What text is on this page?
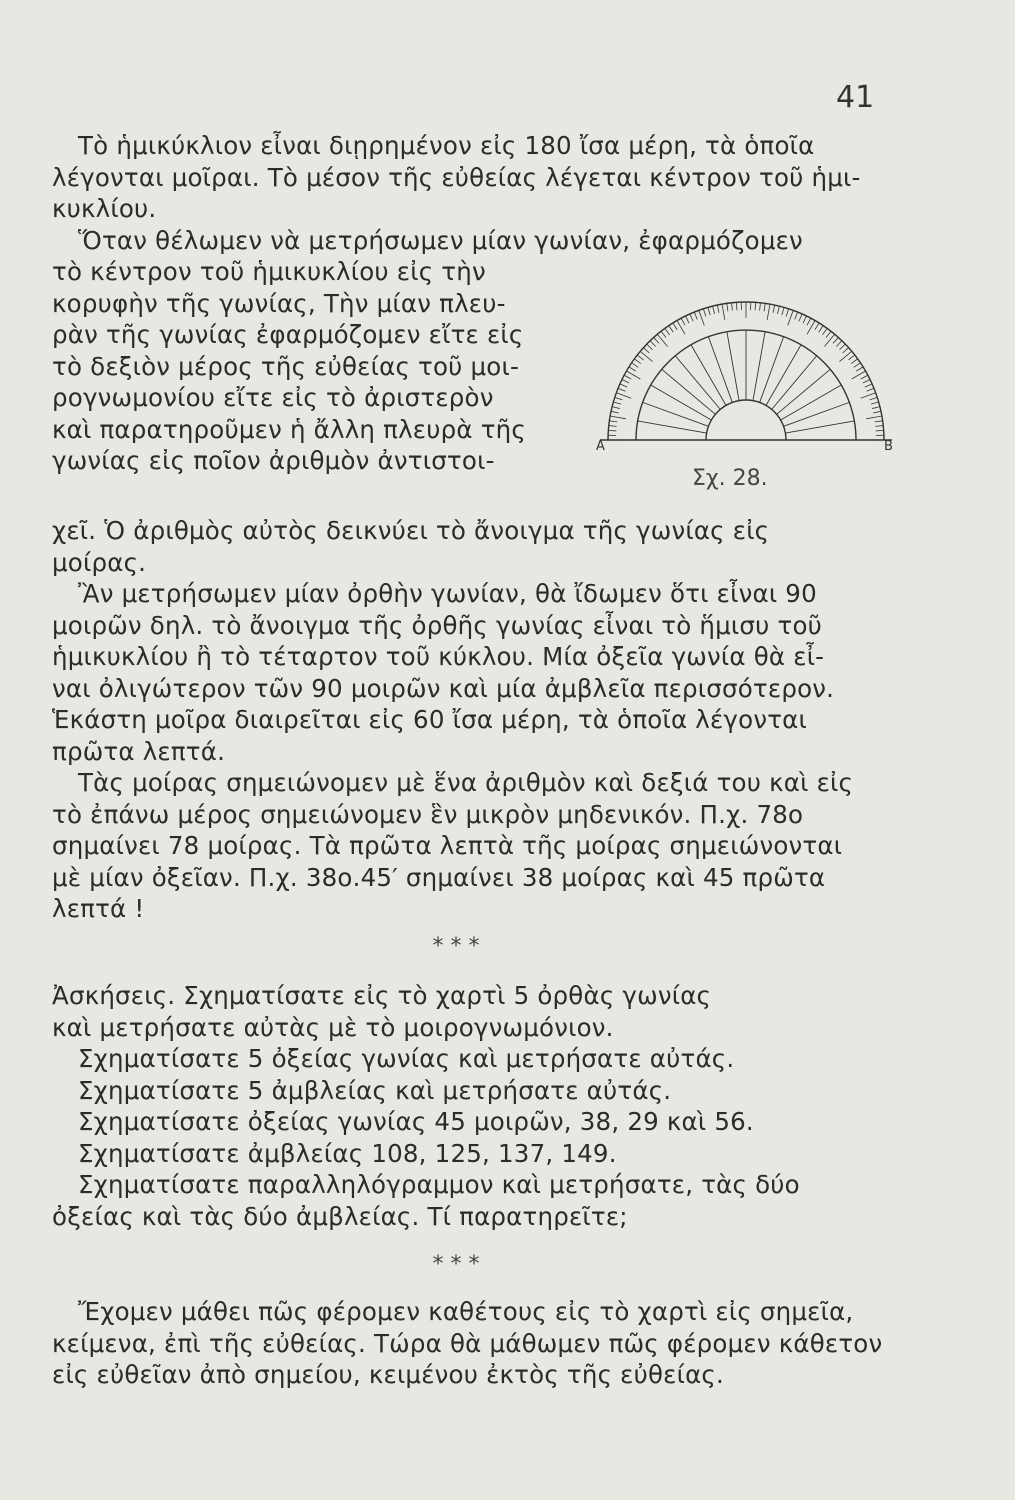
41
Τὸ ἡμικύκλιον εἶναι διῃρημένον εἰς 180 ἴσα μέρη, τὰ ὁποῖα
λέγονται μοῖραι. Τὸ μέσον τῆς εὐθείας λέγεται κέντρον τοῦ ἡμι-
κυκλίου.
Ὅταν θέλωμεν νὰ μετρήσωμεν μίαν γωνίαν, ἐφαρμόζομεν
τὸ κέντρον τοῦ ἡμικυκλίου εἰς τὴν
κορυφὴν τῆς γωνίας, Τὴν μίαν πλευ-
ρὰν τῆς γωνίας ἐφαρμόζομεν εἴτε εἰς
τὸ δεξιὸν μέρος τῆς εὐθείας τοῦ μοι-
ρογνωμονίου εἴτε εἰς τὸ ἀριστερὸν
καὶ παρατηροῦμεν ἡ ἄλλη πλευρὰ τῆς
γωνίας εἰς ποῖον ἀριθμὸν ἀντιστοι-	A	B
Σχ. 28.
χεῖ. Ὁ ἀριθμὸς αὐτὸς δεικνύει τὸ ἄνοιγμα τῆς γωνίας εἰς
μοίρας.
Ἂν μετρήσωμεν μίαν ὀρθὴν γωνίαν, θὰ ἴδωμεν ὅτι εἶναι 90
μοιρῶν δηλ. τὸ ἄνοιγμα τῆς ὀρθῆς γωνίας εἶναι τὸ ἥμισυ τοῦ
ἡμικυκλίου ἢ τὸ τέταρτον τοῦ κύκλου. Μία ὀξεῖα γωνία θὰ εἶ-
ναι ὀλιγώτερον τῶν 90 μοιρῶν καὶ μία ἀμβλεῖα περισσότερον.
Ἑκάστη μοῖρα διαιρεῖται εἰς 60 ἴσα μέρη, τὰ ὁποῖα λέγονται
πρῶτα λεπτά.
Τὰς μοίρας σημειώνομεν μὲ ἕνα ἀριθμὸν καὶ δεξιά του καὶ εἰς
τὸ ἐπάνω μέρος σημειώνομεν ἓν μικρὸν μηδενικόν. Π.χ. 78ο
σημαίνει 78 μοίρας. Τὰ πρῶτα λεπτὰ τῆς μοίρας σημειώνονται
μὲ μίαν ὀξεῖαν. Π.χ. 38ο.45′ σημαίνει 38 μοίρας καὶ 45 πρῶτα
λεπτά !
* * *
Ἀσκήσεις. Σχηματίσατε εἰς τὸ χαρτὶ 5 ὀρθὰς γωνίας
καὶ μετρήσατε αὐτὰς μὲ τὸ μοιρογνωμόνιον.
Σχηματίσατε 5 ὀξείας γωνίας καὶ μετρήσατε αὐτάς.
Σχηματίσατε 5 ἀμβλείας καὶ μετρήσατε αὐτάς.
Σχηματίσατε ὀξείας γωνίας 45 μοιρῶν, 38, 29 καὶ 56.
Σχηματίσατε ἀμβλείας 108, 125, 137, 149.
Σχηματίσατε παραλληλόγραμμον καὶ μετρήσατε, τὰς δύο
ὀξείας καὶ τὰς δύο ἀμβλείας. Τί παρατηρεῖτε;
* * *
Ἔχομεν μάθει πῶς φέρομεν καθέτους εἰς τὸ χαρτὶ εἰς σημεῖα,
κείμενα, ἐπὶ τῆς εὐθείας. Τώρα θὰ μάθωμεν πῶς φέρομεν κάθετον
εἰς εὐθεῖαν ἀπὸ σημείου, κειμένου ἐκτὸς τῆς εὐθείας.
